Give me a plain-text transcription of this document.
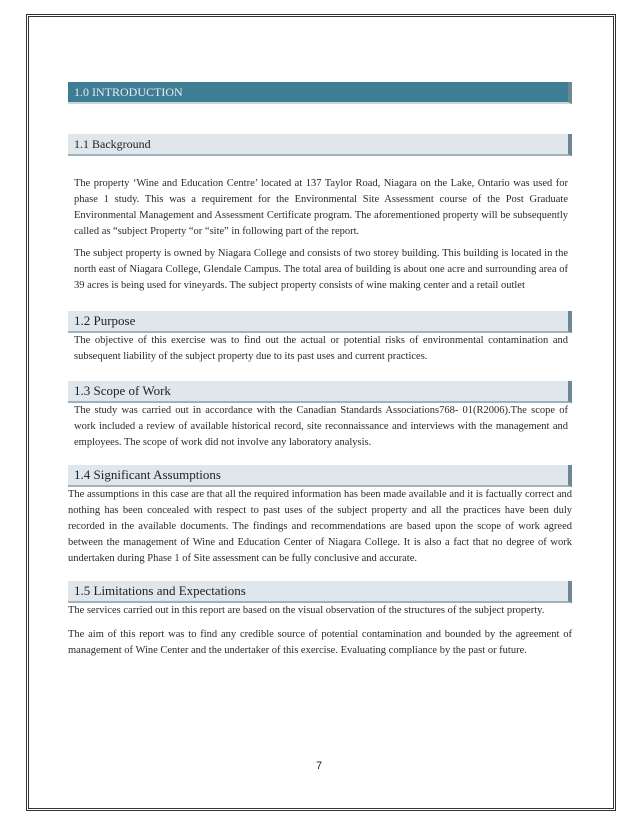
1.0 INTRODUCTION
1.1 Background

The property ‘Wine and Education Centre’ located at 137 Taylor Road, Niagara on the Lake, Ontario was used for phase 1 study. This was a requirement for the Environmental Site Assessment course of the Post Graduate Environmental Management and Assessment Certificate program. The aforementioned property will be subsequently called as “subject Property “or “site” in following part of the report.

The subject property is owned by Niagara College and consists of two storey building. This building is located in the north east of Niagara College, Glendale Campus. The total area of building is about one acre and surrounding area of 39 acres is being used for vineyards. The subject property consists of wine making center and a retail outlet

1.2 Purpose

The objective of this exercise was to find out the actual or potential risks of environmental contamination and subsequent liability of the subject property due to its past uses and current practices.

1.3 Scope of Work

The study was carried out in accordance with the Canadian Standards Associations768- 01(R2006).The scope of work included a review of available historical record, site reconnaissance and interviews with the management and employees. The scope of work did not involve any laboratory analysis.

1.4 Significant Assumptions

The assumptions in this case are that all the required information has been made available and it is factually correct and nothing has been concealed with respect to past uses of the subject property and all the practices have been duly recorded in the available documents. The findings and recommendations are based upon the scope of work agreed between the management of Wine and Education Center of Niagara College. It is also a fact that no degree of work undertaken during Phase 1 of Site assessment can be fully conclusive and accurate.

1.5 Limitations and Expectations

The services carried out in this report are based on the visual observation of the structures of the subject property.

The aim of this report was to find any credible source of potential contamination and bounded by the agreement of management of Wine Center and the undertaker of this exercise. Evaluating compliance by the past or future.

7
